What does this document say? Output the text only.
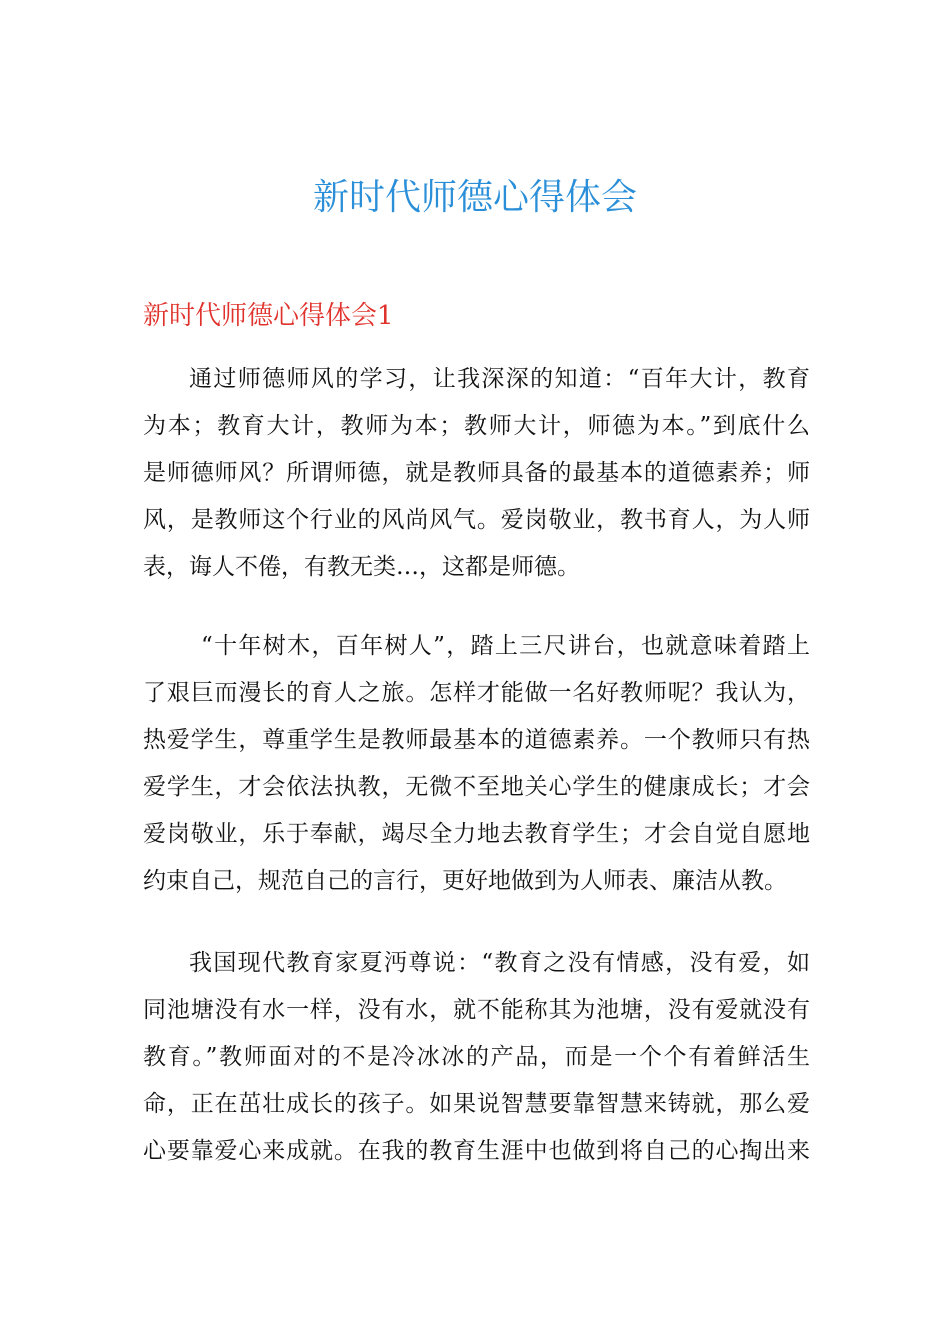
新时代师德心得体会
新时代师德心得体会1
通过师德师风的学习，让我深深的知道：“百年大计，教育
为本；教育大计，教师为本；教师大计，师德为本。”到底什么
是师德师风？所谓师德，就是教师具备的最基本的道德素养；师
风，是教师这个行业的风尚风气。爱岗敬业，教书育人，为人师
表，诲人不倦，有教无类…，这都是师德。
“十年树木，百年树人”，踏上三尺讲台，也就意味着踏上
了艰巨而漫长的育人之旅。怎样才能做一名好教师呢？我认为，
热爱学生，尊重学生是教师最基本的道德素养。一个教师只有热
爱学生，才会依法执教，无微不至地关心学生的健康成长；才会
爱岗敬业，乐于奉献，竭尽全力地去教育学生；才会自觉自愿地
约束自己，规范自己的言行，更好地做到为人师表、廉洁从教。
我国现代教育家夏沔尊说：“教育之没有情感，没有爱，如
同池塘没有水一样，没有水，就不能称其为池塘，没有爱就没有
教育。”教师面对的不是冷冰冰的产品，而是一个个有着鲜活生
命，正在茁壮成长的孩子。如果说智慧要靠智慧来铸就，那么爱
心要靠爱心来成就。在我的教育生涯中也做到将自己的心掏出来
